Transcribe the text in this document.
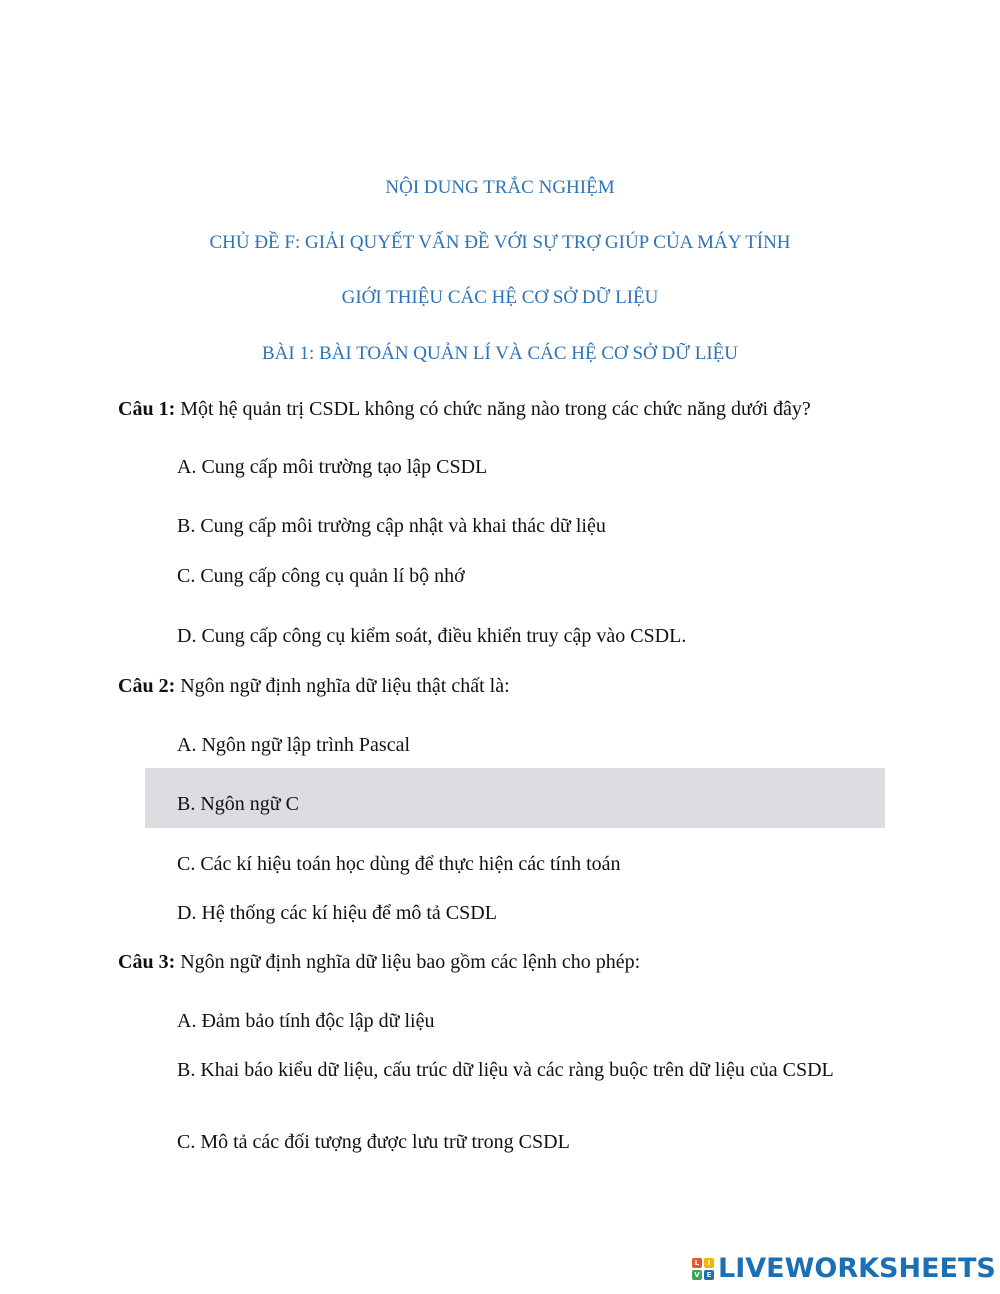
NỘI DUNG TRẮC NGHIỆM
CHỦ ĐỀ F: GIẢI QUYẾT VẤN ĐỀ VỚI SỰ TRỢ GIÚP CỦA MÁY TÍNH
GIỚI THIỆU CÁC HỆ CƠ SỞ DỮ LIỆU
BÀI 1: BÀI TOÁN QUẢN LÍ VÀ CÁC HỆ CƠ SỞ DỮ LIỆU
Câu 1: Một hệ quản trị CSDL không có chức năng nào trong các chức năng dưới đây?
A. Cung cấp môi trường tạo lập CSDL
B. Cung cấp môi trường cập nhật và khai thác dữ liệu
C. Cung cấp công cụ quản lí bộ nhớ
D. Cung cấp công cụ kiểm soát, điều khiển truy cập vào CSDL.
Câu 2: Ngôn ngữ định nghĩa dữ liệu thật chất là:
A. Ngôn ngữ lập trình Pascal
B. Ngôn ngữ C
C. Các kí hiệu toán học dùng để thực hiện các tính toán
D. Hệ thống các kí hiệu để mô tả CSDL
Câu 3: Ngôn ngữ định nghĩa dữ liệu bao gồm các lệnh cho phép:
A. Đảm bảo tính độc lập dữ liệu
B. Khai báo kiểu dữ liệu, cấu trúc dữ liệu và các ràng buộc trên dữ liệu của CSDL
C. Mô tả các đối tượng được lưu trữ trong CSDL
L	I
V E LIVEWORKSHEETS
